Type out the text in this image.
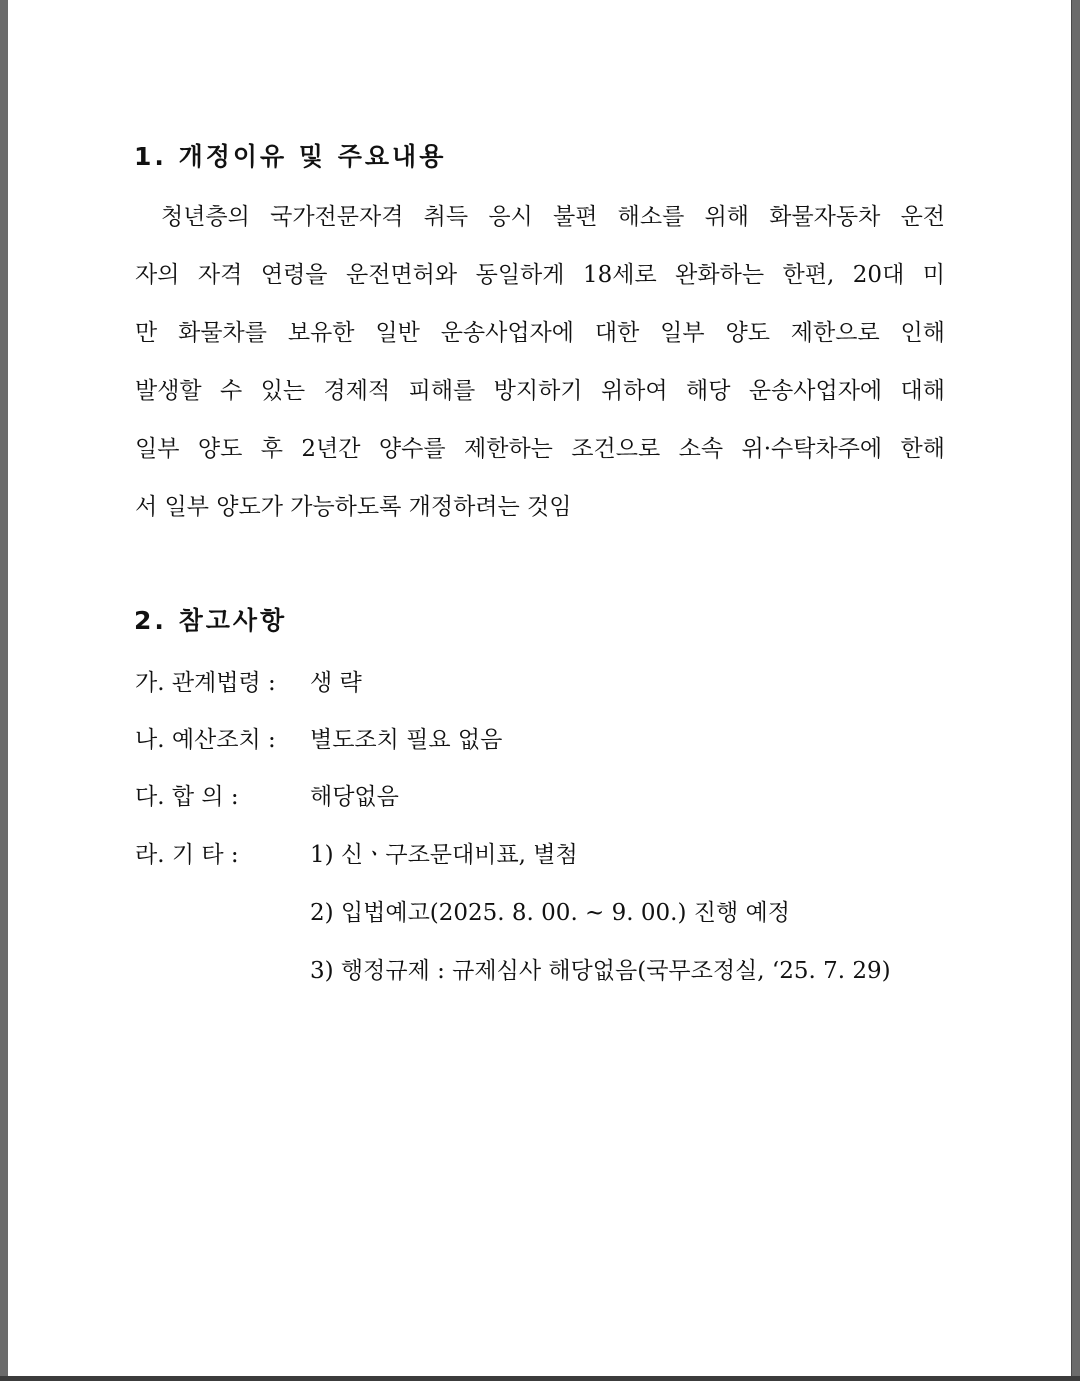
1. 개정이유 및 주요내용
청년층의 국가전문자격 취득 응시 불편 해소를 위해 화물자동차 운전
자의 자격 연령을 운전면허와 동일하게 18세로 완화하는 한편, 20대 미
만 화물차를 보유한 일반 운송사업자에 대한 일부 양도 제한으로 인해
발생할 수 있는 경제적 피해를 방지하기 위하여 해당 운송사업자에 대해
일부 양도 후 2년간 양수를 제한하는 조건으로 소속 위·수탁차주에 한해
서 일부 양도가 가능하도록 개정하려는 것임
2. 참고사항
가. 관계법령 :	생 략
나. 예산조치 :	별도조치 필요 없음
다. 합 의 :	해당없음
라. 기 타 :	1) 신ㆍ구조문대비표, 별첨
2) 입법예고(2025. 8. 00. ~ 9. 00.) 진행 예정
3) 행정규제 : 규제심사 해당없음(국무조정실, ‘25. 7. 29)
